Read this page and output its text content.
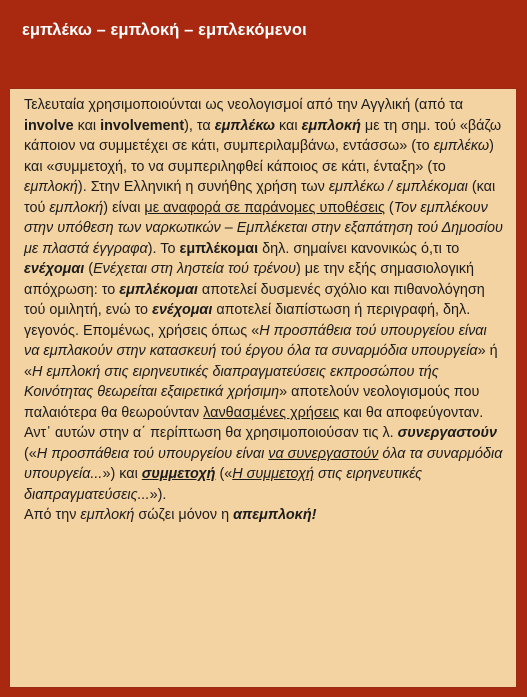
εμπλέκω – εμπλοκή – εμπλεκόμενοι

Τελευταία χρησιμοποιούνται ως νεολογισμοί από την Αγγλική (από τα involve και involvement), τα εμπλέκω και εμπλοκή με τη σημ. τού «βάζω κάποιον να συμμετέχει σε κάτι, συμπεριλαμβάνω, εντάσσω» (το εμπλέκω) και «συμμετοχή, το να συμπεριληφθεί κάποιος σε κάτι, ένταξη» (το εμπλοκή). Στην Ελληνική η συνήθης χρήση των εμπλέκω / εμπλέκομαι (και τού εμπλοκή) είναι με αναφορά σε παράνομες υποθέσεις (Τον εμπλέκουν στην υπόθεση των ναρκωτικών – Εμπλέκεται στην εξαπάτηση τού Δημοσίου με πλαστά έγγραφα). Το εμπλέκομαι δηλ. σημαίνει κανονικώς ό,τι το ενέχομαι (Ενέχεται στη ληστεία τού τρένου) με την εξής σημασιολογική απόχρωση: το εμπλέκομαι αποτελεί δυσμενές σχόλιο και πιθανολόγηση τού ομιλητή, ενώ το ενέχομαι αποτελεί διαπίστωση ή περιγραφή, δηλ. γεγονός. Επομένως, χρήσεις όπως «Η προσπάθεια τού υπουργείου είναι να εμπλακούν στην κατασκευή τού έργου όλα τα συναρμόδια υπουργεία» ή «Η εμπλοκή στις ειρηνευτικές διαπραγματεύσεις εκπροσώπου τής Κοινότητας θεωρείται εξαιρετικά χρήσιμη» αποτελούν νεολογισμούς που παλαιότερα θα θεωρούνταν λανθασμένες χρήσεις και θα αποφεύγονταν. Αντ᾽ αυτών στην α΄ περίπτωση θα χρησιμοποιούσαν τις λ. συνεργαστούν («Η προσπάθεια τού υπουργείου είναι να συνεργαστούν όλα τα συναρμόδια υπουργεία...») και συμμετοχή («Η συμμετοχή στις ειρηνευτικές διαπραγματεύσεις...»).

Από την εμπλοκή σώζει μόνον η απεμπλοκή!
